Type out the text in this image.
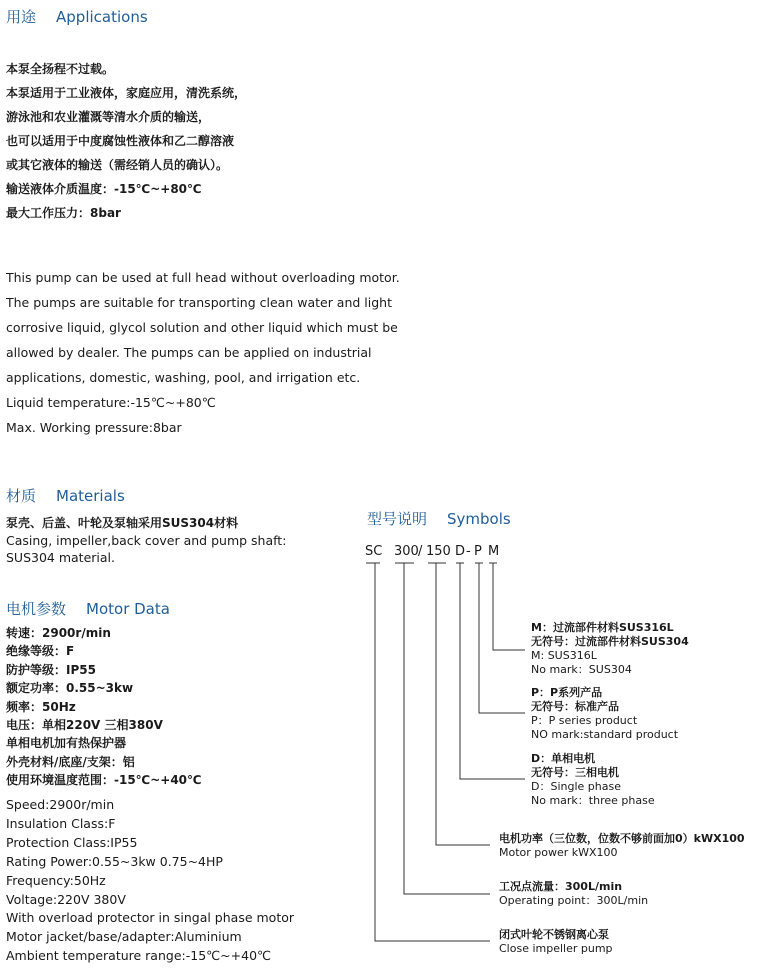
用途 Applications
本泵全扬程不过载。
本泵适用于工业液体，家庭应用，清洗系统，
游泳池和农业灌溉等清水介质的输送，
也可以适用于中度腐蚀性液体和乙二醇溶液
或其它液体的输送（需经销人员的确认）。
输送液体介质温度：-15℃~+80℃
最大工作压力：8bar
This pump can be used at full head without overloading motor.
The pumps are suitable for transporting clean water and light
corrosive liquid, glycol solution and other liquid which must be
allowed by dealer. The pumps can be applied on industrial
applications, domestic, washing, pool, and irrigation etc.
Liquid temperature:-15℃~+80℃
Max. Working pressure:8bar
材质 Materials
泵壳、后盖、叶轮及泵轴采用SUS304材料
Casing, impeller,back cover and pump shaft:
SUS304 material.
电机参数 Motor Data
转速：2900r/min
绝缘等级：F
防护等级：IP55
额定功率：0.55~3kw
频率：50Hz
电压：单相220V 三相380V
单相电机加有热保护器
外壳材料/底座/支架：铝
使用环境温度范围：-15℃~+40℃
Speed:2900r/min
Insulation Class:F
Protection Class:IP55
Rating Power:0.55~3kw 0.75~4HP
Frequency:50Hz
Voltage:220V 380V
With overload protector in singal phase motor
Motor jacket/base/adapter:Aluminium
Ambient temperature range:-15℃~+40℃
型号说明 Symbols
SC 300 / 150 D - P M
M：过流部件材料SUS316L
无符号：过流部件材料SUS304
M: SUS316L
No mark：SUS304
P：P系列产品
无符号：标准产品
P：P series product
NO mark:standard product
D：单相电机
无符号：三相电机
D：Single phase
No mark：three phase
电机功率（三位数，位数不够前面加0）kWX100
Motor power kWX100
工况点流量：300L/min
Operating point：300L/min
闭式叶轮不锈钢离心泵
Close impeller pump
